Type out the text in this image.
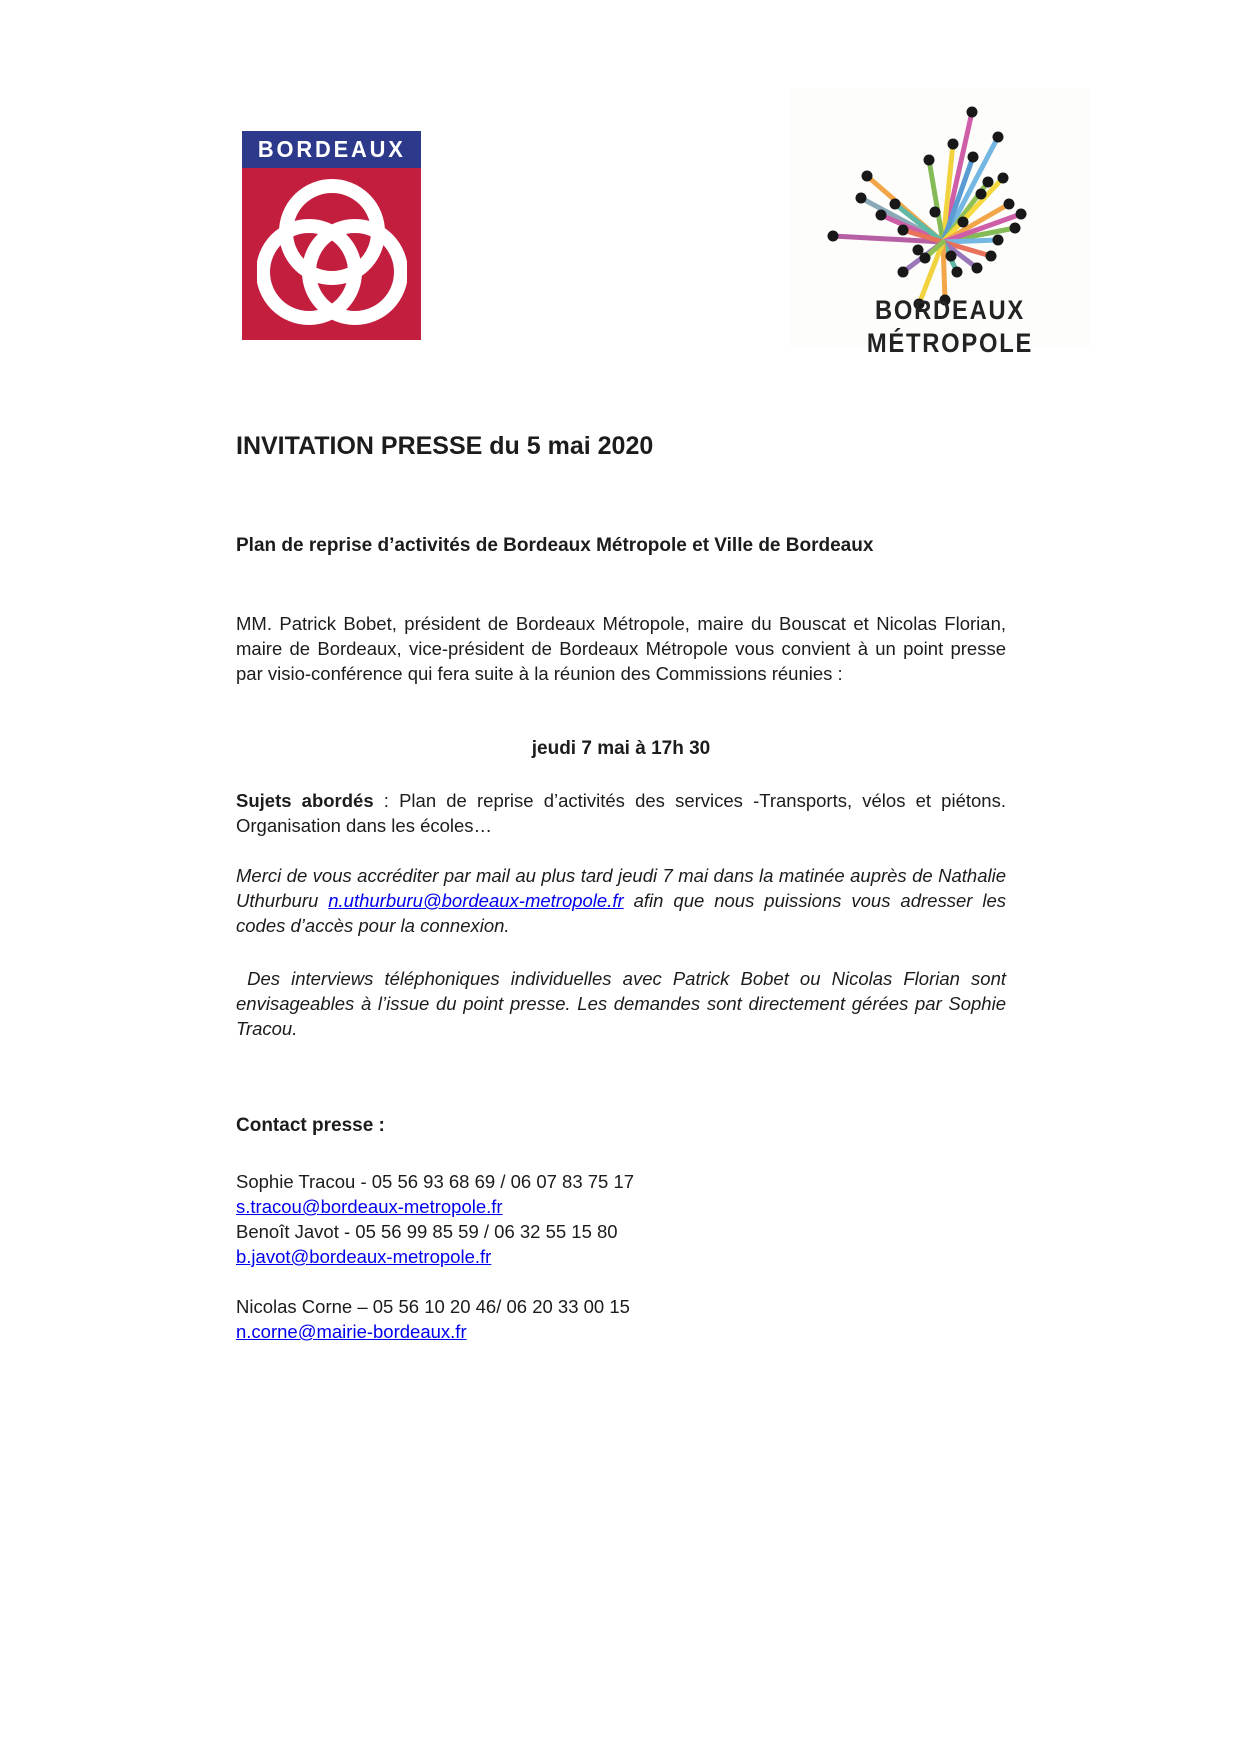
BORDEAUX
BORDEAUX
MÉTROPOLE
INVITATION PRESSE du 5 mai 2020
Plan de reprise d’activités de Bordeaux Métropole et Ville de Bordeaux
MM. Patrick Bobet, président de Bordeaux Métropole, maire du Bouscat et Nicolas Florian, maire de Bordeaux, vice-président de Bordeaux Métropole vous convient à un point presse par visio-conférence qui fera suite à la réunion des Commissions réunies :
jeudi 7 mai à 17h 30
Sujets abordés : Plan de reprise d’activités des services -Transports, vélos et piétons. Organisation dans les écoles…
Merci de vous accréditer par mail au plus tard jeudi 7 mai dans la matinée auprès de Nathalie Uthurburu n.uthurburu@bordeaux-metropole.fr afin que nous puissions vous adresser les codes d’accès pour la connexion.
Des interviews téléphoniques individuelles avec Patrick Bobet ou Nicolas Florian sont envisageables à l’issue du point presse. Les demandes sont directement gérées par Sophie Tracou.
Contact presse :
Sophie Tracou - 05 56 93 68 69 / 06 07 83 75 17
s.tracou@bordeaux-metropole.fr
Benoît Javot - 05 56 99 85 59 / 06 32 55 15 80
b.javot@bordeaux-metropole.fr
Nicolas Corne – 05 56 10 20 46/ 06 20 33 00 15
n.corne@mairie-bordeaux.fr
